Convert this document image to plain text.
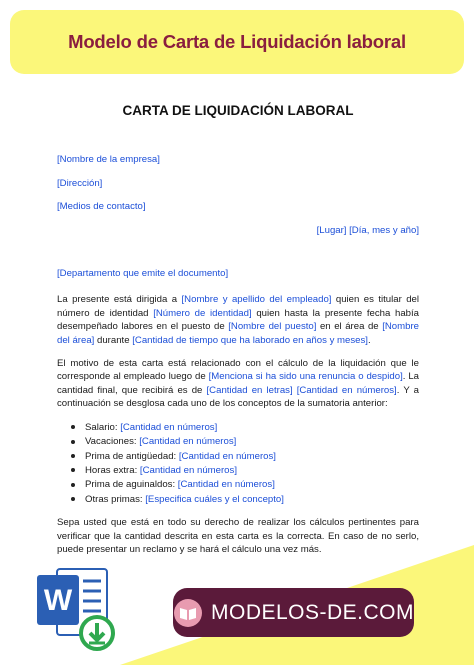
Modelo de Carta de Liquidación laboral
CARTA DE LIQUIDACIÓN LABORAL
[Nombre de la empresa]
[Dirección]
[Medios de contacto]
[Lugar] [Día, mes y año]
[Departamento que emite el documento]

La presente está dirigida a [Nombre y apellido del empleado] quien es titular del número de identidad [Número de identidad] quien hasta la presente fecha había desempeñado labores en el puesto de [Nombre del puesto] en el área de [Nombre del área] durante [Cantidad de tiempo que ha laborado en años y meses].

El motivo de esta carta está relacionado con el cálculo de la liquidación que le corresponde al empleado luego de [Menciona si ha sido una renuncia o despido]. La cantidad final, que recibirá es de [Cantidad en letras] [Cantidad en números]. Y a continuación se desglosa cada uno de los conceptos de la sumatoria anterior:

Salario: [Cantidad en números]
Vacaciones: [Cantidad en números]
Prima de antigüedad: [Cantidad en números]
Horas extra: [Cantidad en números]
Prima de aguinaldos: [Cantidad en números]
Otras primas: [Especifica cuáles y el concepto]

Sepa usted que está en todo su derecho de realizar los cálculos pertinentes para verificar que la cantidad descrita en esta carta es la correcta. En caso de no serlo, puede presentar un reclamo y se hará el cálculo una vez más.

W	MODELOS-DE.COM
